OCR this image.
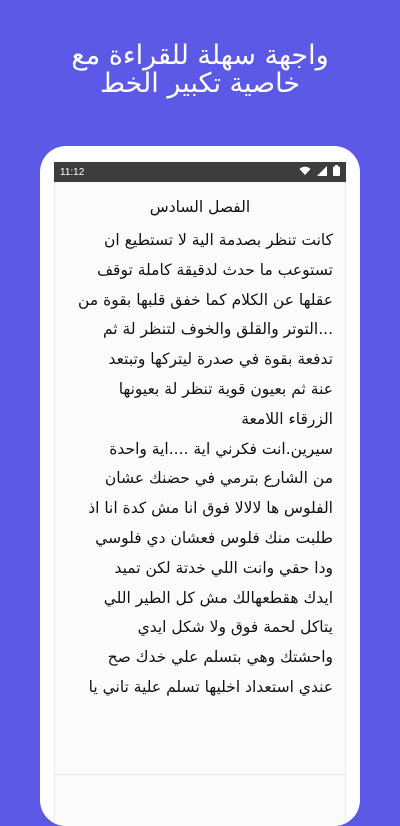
واجهة سهلة للقراءة مع
خاصية تكبير الخط
11:12
الفصل السادس
كانت تنظر بصدمة الية لا تستطيع ان
تستوعب ما حدث لدقيقة كاملة توقف
عقلها عن الكلام كما خفق قلبها بقوة من
...التوتر والقلق والخوف لتنظر لة ثم
تدفعة بقوة في صدرة ليتركها وتبتعد
عنة ثم بعيون قوية تنظر لة بعيونها
الزرقاء اللامعة
سيرين.انت فكرني اية ....اية واحدة
من الشارع بترمي في حضنك عشان
الفلوس ها لالالا فوق انا مش كدة انا اذ
طلبت منك فلوس فعشان دي فلوسي
ودا حقي وانت اللي خدتة لكن تميد
ايدك هقطعهالك مش كل الطير اللي
يتاكل لحمة فوق ولا شكل ايدي
واحشتك وهي بتسلم علي خدك صح
عندي استعداد اخليها تسلم علية تاني يا
